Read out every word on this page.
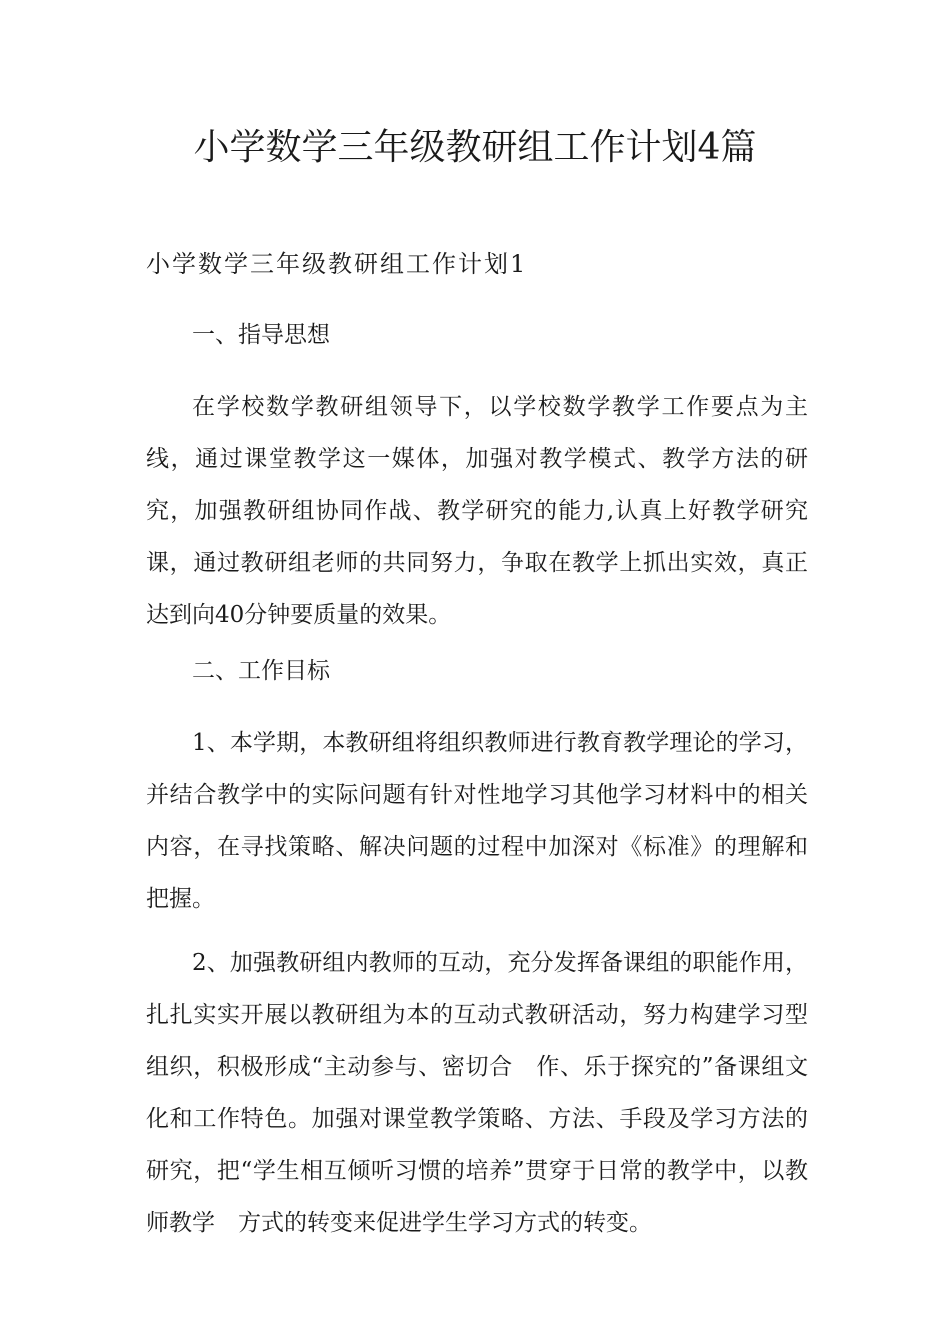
小学数学三年级教研组工作计划4篇
小学数学三年级教研组工作计划1
一、指导思想

在学校数学教研组领导下，以学校数学教学工作要点为主线，通过课堂教学这一媒体，加强对教学模式、教学方法的研究，加强教研组协同作战、教学研究的能力,认真上好教学研究课，通过教研组老师的共同努力，争取在教学上抓出实效，真正达到向40分钟要质量的效果。

二、工作目标

1、本学期，本教研组将组织教师进行教育教学理论的学习，并结合教学中的实际问题有针对性地学习其他学习材料中的相关内容，在寻找策略、解决问题的过程中加深对《标准》的理解和把握。

2、加强教研组内教师的互动，充分发挥备课组的职能作用，扎扎实实开展以教研组为本的互动式教研活动，努力构建学习型组织，积极形成“主动参与、密切合　作、乐于探究的”备课组文化和工作特色。加强对课堂教学策略、方法、手段及学习方法的研究，把“学生相互倾听习惯的培养”贯穿于日常的教学中，以教师教学　方式的转变来促进学生学习方式的转变。
